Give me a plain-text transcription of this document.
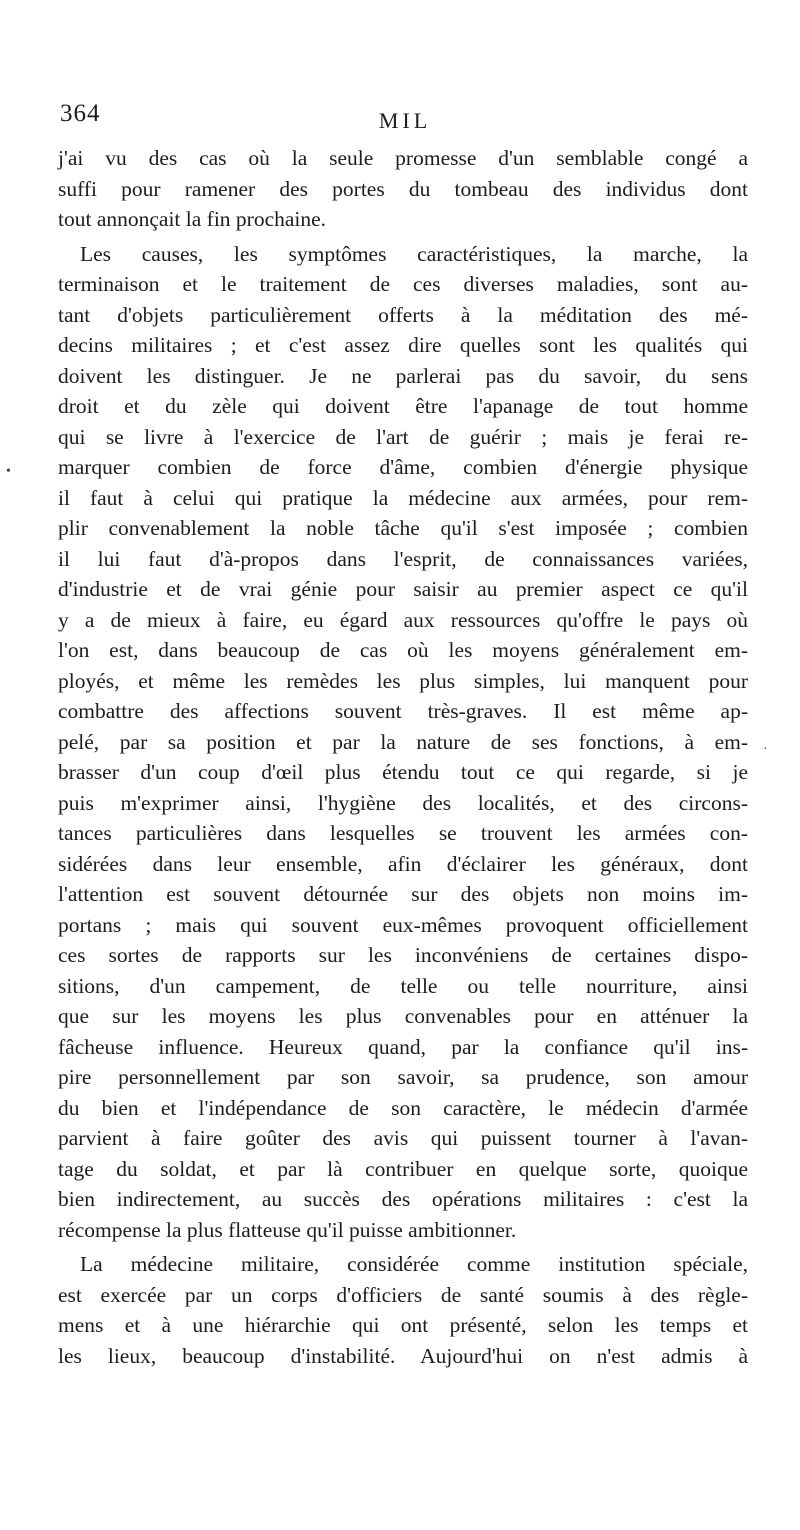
364	MIL
•
·
j'ai vu des cas où la seule promesse d'un semblable congé a
suffi pour ramener des portes du tombeau des individus dont
tout annonçait la fin prochaine.
Les causes, les symptômes caractéristiques, la marche, la
terminaison et le traitement de ces diverses maladies, sont au-
tant d'objets particulièrement offerts à la méditation des mé-
decins militaires ; et c'est assez dire quelles sont les qualités qui
doivent les distinguer. Je ne parlerai pas du savoir, du sens
droit et du zèle qui doivent être l'apanage de tout homme
qui se livre à l'exercice de l'art de guérir ; mais je ferai re-
marquer combien de force d'âme, combien d'énergie physique
il faut à celui qui pratique la médecine aux armées, pour rem-
plir convenablement la noble tâche qu'il s'est imposée ; combien
il lui faut d'à-propos dans l'esprit, de connaissances variées,
d'industrie et de vrai génie pour saisir au premier aspect ce qu'il
y a de mieux à faire, eu égard aux ressources qu'offre le pays où
l'on est, dans beaucoup de cas où les moyens généralement em-
ployés, et même les remèdes les plus simples, lui manquent pour
combattre des affections souvent très-graves. Il est même ap-
pelé, par sa position et par la nature de ses fonctions, à em-
brasser d'un coup d'œil plus étendu tout ce qui regarde, si je
puis m'exprimer ainsi, l'hygiène des localités, et des circons-
tances particulières dans lesquelles se trouvent les armées con-
sidérées dans leur ensemble, afin d'éclairer les généraux, dont
l'attention est souvent détournée sur des objets non moins im-
portans ; mais qui souvent eux-mêmes provoquent officiellement
ces sortes de rapports sur les inconvéniens de certaines dispo-
sitions, d'un campement, de telle ou telle nourriture, ainsi
que sur les moyens les plus convenables pour en atténuer la
fâcheuse influence. Heureux quand, par la confiance qu'il ins-
pire personnellement par son savoir, sa prudence, son amour
du bien et l'indépendance de son caractère, le médecin d'armée
parvient à faire goûter des avis qui puissent tourner à l'avan-
tage du soldat, et par là contribuer en quelque sorte, quoique
bien indirectement, au succès des opérations militaires : c'est la
récompense la plus flatteuse qu'il puisse ambitionner.
La médecine militaire, considérée comme institution spéciale,
est exercée par un corps d'officiers de santé soumis à des règle-
mens et à une hiérarchie qui ont présenté, selon les temps et
les lieux, beaucoup d'instabilité. Aujourd'hui on n'est admis à
